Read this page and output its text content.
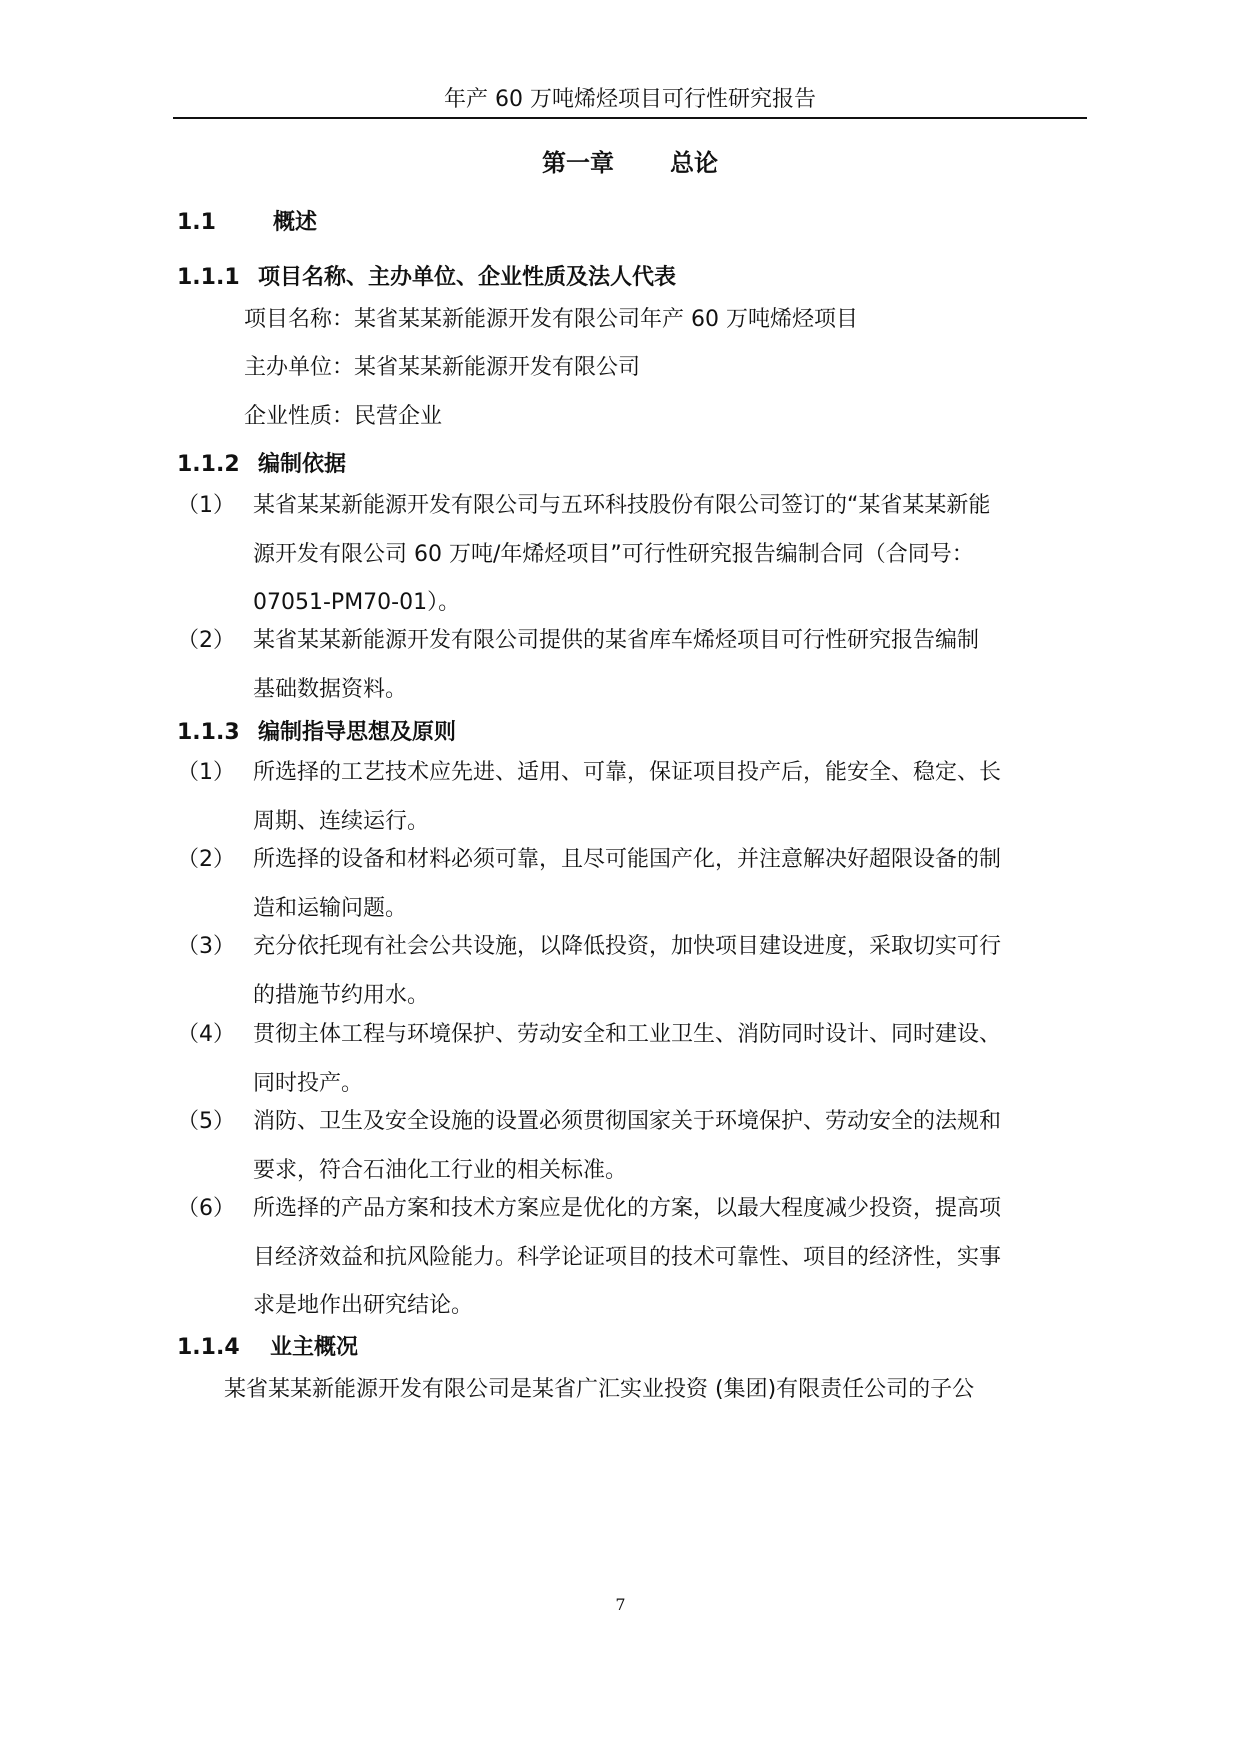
年产 60 万吨烯烃项目可行性研究报告
第一章 总论
1.1	概述
1.1.1 项目名称、主办单位、企业性质及法人代表
项目名称：某省某某新能源开发有限公司年产 60 万吨烯烃项目
主办单位：某省某某新能源开发有限公司
企业性质：民营企业
1.1.2 编制依据
（1） 某省某某新能源开发有限公司与五环科技股份有限公司签订的“某省某某新能
源开发有限公司 60 万吨/年烯烃项目”可行性研究报告编制合同（合同号：
07051-PM70-01）。
（2） 某省某某新能源开发有限公司提供的某省库车烯烃项目可行性研究报告编制
基础数据资料。
1.1.3 编制指导思想及原则
（1） 所选择的工艺技术应先进、适用、可靠，保证项目投产后，能安全、稳定、长
周期、连续运行。
（2） 所选择的设备和材料必须可靠，且尽可能国产化，并注意解决好超限设备的制
造和运输问题。
（3） 充分依托现有社会公共设施，以降低投资，加快项目建设进度，采取切实可行
的措施节约用水。
（4） 贯彻主体工程与环境保护、劳动安全和工业卫生、消防同时设计、同时建设、
同时投产。
（5） 消防、卫生及安全设施的设置必须贯彻国家关于环境保护、劳动安全的法规和
要求，符合石油化工行业的相关标准。
（6） 所选择的产品方案和技术方案应是优化的方案，以最大程度减少投资，提高项
目经济效益和抗风险能力。科学论证项目的技术可靠性、项目的经济性，实事
求是地作出研究结论。
1.1.4 业主概况
某省某某新能源开发有限公司是某省广汇实业投资 (集团)有限责任公司的子公
7
